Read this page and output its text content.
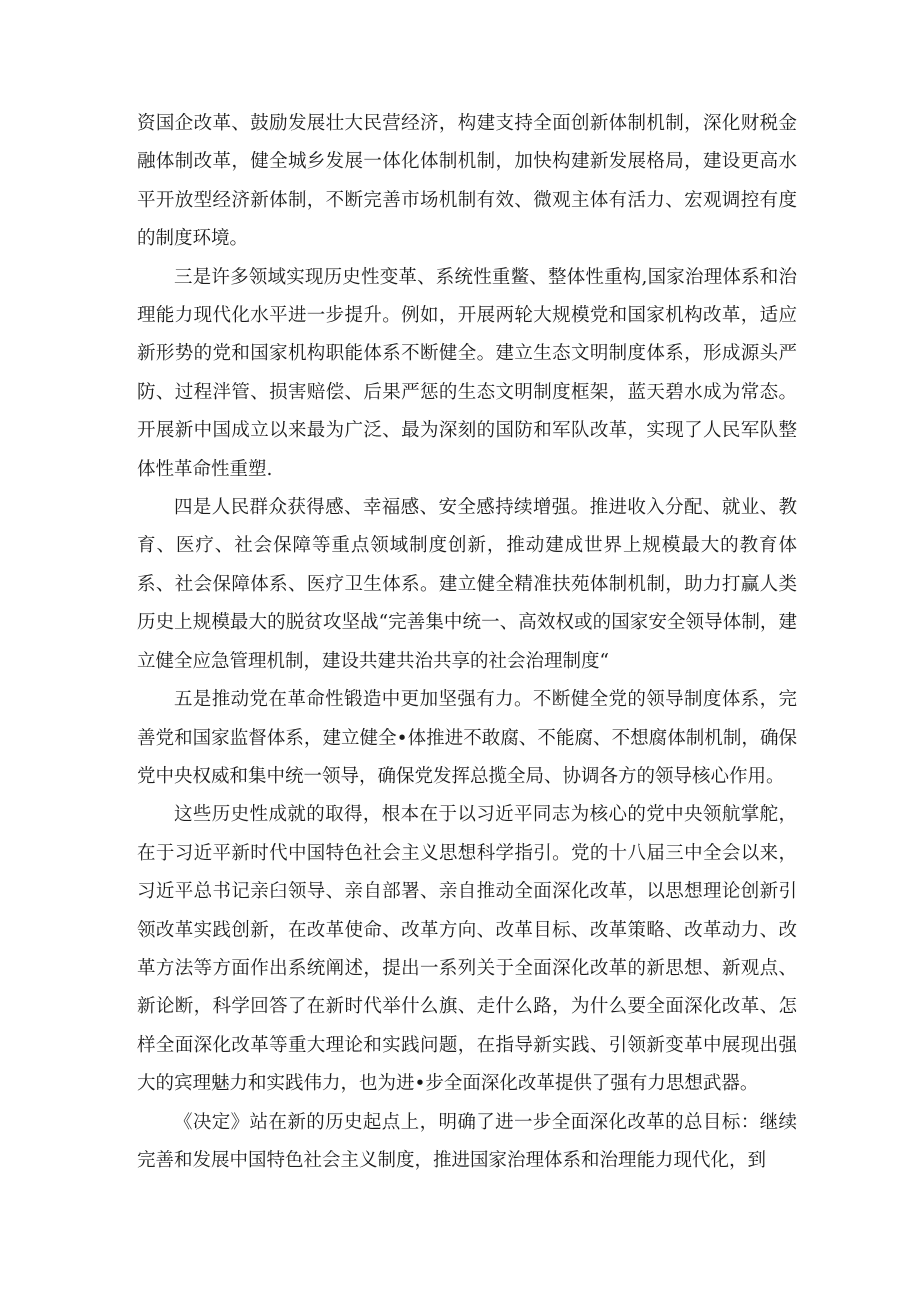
资国企改革、鼓励发展壮大民营经济，构建支持全面创新体制机制，深化财税金融体制改革，健全城乡发展一体化体制机制，加快构建新发展格局，建设更高水平开放型经济新体制，不断完善市场机制有效、微观主体有活力、宏观调控有度的制度环境。

三是许多领域实现历史性变革、系统性重鳖、整体性重构,国家治理体系和治理能力现代化水平进一步提升。例如，开展两轮大规模党和国家机构改革，适应新形势的党和国家机构职能体系不断健全。建立生态文明制度体系，形成源头严防、过程泮管、损害赔偿、后果严惩的生态文明制度框架，蓝天碧水成为常态。开展新中国成立以来最为广泛、最为深刻的国防和军队改革，实现了人民军队整体性革命性重塑.

四是人民群众获得感、幸福感、安全感持续增强。推进收入分配、就业、教育、医疗、社会保障等重点领域制度创新，推动建成世界上规模最大的教育体系、社会保障体系、医疗卫生体系。建立健全精准扶苑体制机制，助力打赢人类历史上规模最大的脱贫攻坚战“完善集中统一、高效权或的国家安全领导体制，建立健全应急管理机制，建设共建共治共享的社会治理制度“

五是推动党在革命性锻造中更加坚强有力。不断健全党的领导制度体系，完善党和国家监督体系，建立健全•体推进不敢腐、不能腐、不想腐体制机制，确保党中央权威和集中统一领导，确保党发挥总揽全局、协调各方的领导核心作用。

这些历史性成就的取得，根本在于以习近平同志为核心的党中央领航掌舵，在于习近平新时代中国特色社会主义思想科学指引。党的十八届三中全会以来，习近平总书记亲臼领导、亲自部署、亲自推动全面深化改革，以思想理论创新引领改革实践创新，在改革使命、改革方向、改革目标、改革策略、改革动力、改革方法等方面作出系统阐述，提出一系列关于全面深化改革的新思想、新观点、新论断，科学回答了在新时代举什么旗、走什么路，为什么要全面深化改革、怎样全面深化改革等重大理论和实践问题，在指导新实践、引领新变革中展现出强大的宾理魅力和实践伟力，也为进•步全面深化改革提供了强有力思想武器。

《决定》站在新的历史起点上，明确了进一步全面深化改革的总目标：继续完善和发展中国特色社会主义制度，推进国家治理体系和治理能力现代化，到
